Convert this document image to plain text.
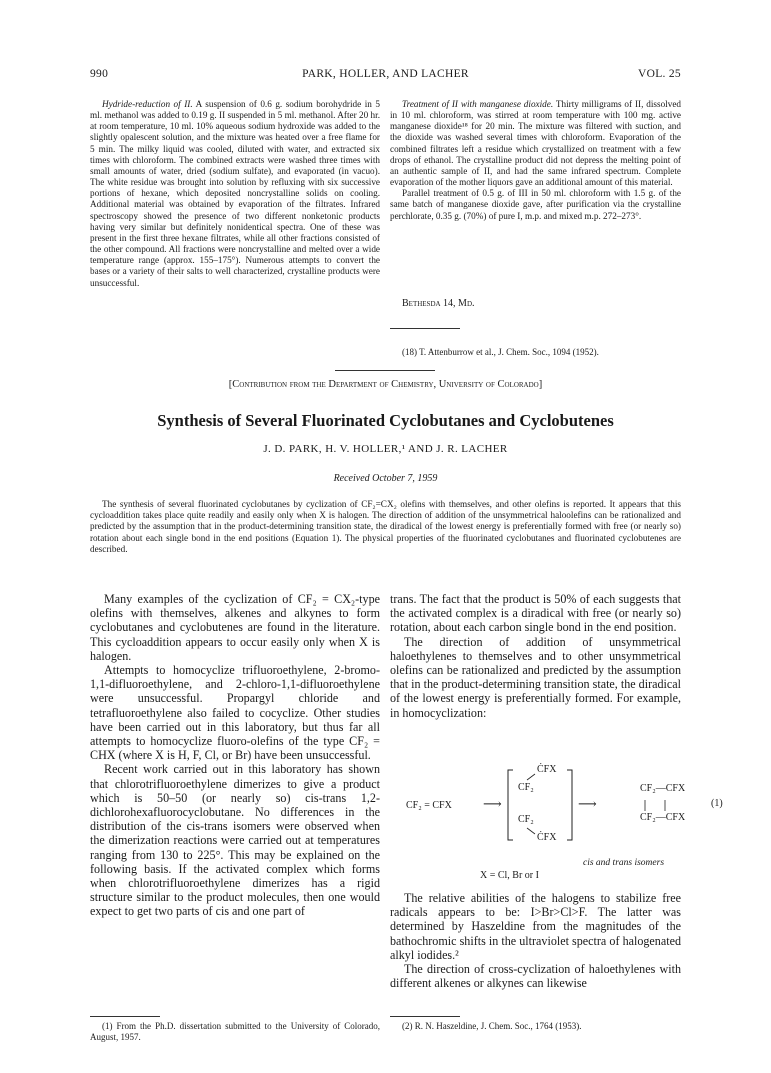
990	PARK, HOLLER, AND LACHER	VOL. 25

Hydride-reduction of II. A suspension of 0.6 g. sodium borohydride in 5 ml. methanol was added to 0.19 g. II suspended in 5 ml. methanol. After 20 hr. at room temperature, 10 ml. 10% aqueous sodium hydroxide was added to the slightly opalescent solution, and the mixture was heated over a free flame for 5 min. The milky liquid was cooled, diluted with water, and extracted six times with chloroform. The combined extracts were washed three times with small amounts of water, dried (sodium sulfate), and evaporated (in vacuo). The white residue was brought into solution by refluxing with six successive portions of hexane, which deposited noncrystalline solids on cooling. Additional material was obtained by evaporation of the filtrates. Infrared spectroscopy showed the presence of two different nonketonic products having very similar but definitely nonidentical spectra. One of these was present in the first three hexane filtrates, while all other fractions consisted of the other compound. All fractions were noncrystalline and melted over a wide temperature range (approx. 155–175°). Numerous attempts to convert the bases or a variety of their salts to well characterized, crystalline products were unsuccessful.

Treatment of II with manganese dioxide. Thirty milligrams of II, dissolved in 10 ml. chloroform, was stirred at room temperature with 100 mg. active manganese dioxide¹⁸ for 20 min. The mixture was filtered with suction, and the dioxide was washed several times with chloroform. Evaporation of the combined filtrates left a residue which crystallized on treatment with a few drops of ethanol. The crystalline product did not depress the melting point of an authentic sample of II, and had the same infrared spectrum. Complete evaporation of the mother liquors gave an additional amount of this material.

Parallel treatment of 0.5 g. of III in 50 ml. chloroform with 1.5 g. of the same batch of manganese dioxide gave, after purification via the crystalline perchlorate, 0.35 g. (70%) of pure I, m.p. and mixed m.p. 272–273°.

Bethesda 14, Md.
(18) T. Attenburrow et al., J. Chem. Soc., 1094 (1952).
[Contribution from the Department of Chemistry, University of Colorado]
Synthesis of Several Fluorinated Cyclobutanes and Cyclobutenes
J. D. PARK, H. V. HOLLER,¹ AND J. R. LACHER
Received October 7, 1959
The synthesis of several fluorinated cyclobutanes by cyclization of CF₂=CX₂ olefins with themselves, and other olefins is reported. It appears that this cycloaddition takes place quite readily and easily only when X is halogen. The direction of addition of the unsymmetrical haloolefins can be rationalized and predicted by the assumption that in the product-determining transition state, the diradical of the lowest energy is preferentially formed with free (or nearly so) rotation about each single bond in the end positions (Equation 1). The physical properties of the fluorinated cyclobutanes and fluorinated cyclobutenes are described.

Many examples of the cyclization of CF₂ = CX₂-type olefins with themselves, alkenes and alkynes to form cyclobutanes and cyclobutenes are found in the literature. This cycloaddition appears to occur easily only when X is halogen.

Attempts to homocyclize trifluoroethylene, 2-bromo-1,1-difluoroethylene, and 2-chloro-1,1-difluoroethylene were unsuccessful. Propargyl chloride and tetrafluoroethylene also failed to cocyclize. Other studies have been carried out in this laboratory, but thus far all attempts to homocyclize fluoro-olefins of the type CF₂ = CHX (where X is H, F, Cl, or Br) have been unsuccessful.

Recent work carried out in this laboratory has shown that chlorotrifluoroethylene dimerizes to give a product which is 50–50 (or nearly so) cis-trans 1,2-dichlorohexafluorocyclobutane. No differences in the distribution of the cis-trans isomers were observed when the dimerization reactions were carried out at temperatures ranging from 130 to 225°. This may be explained on the following basis. If the activated complex which forms when chlorotrifluoroethylene dimerizes has a rigid structure similar to the product molecules, then one would expect to get two parts of cis and one part of

(1) From the Ph.D. dissertation submitted to the University of Colorado, August, 1957.

trans. The fact that the product is 50% of each suggests that the activated complex is a diradical with free (or nearly so) rotation, about each carbon single bond in the end position.

The direction of addition of unsymmetrical haloethylenes to themselves and to other unsymmetrical olefins can be rationalized and predicted by the assumption that in the product-determining transition state, the diradical of the lowest energy is preferentially formed. For example, in homocyclization:

CF₂ = CFX ⟶
ĊFX
CF₂
CF₂
ĊFX
⟶
CF₂—CFX
CF₂—CFX
(1)
cis and trans isomers
X = Cl, Br or I

The relative abilities of the halogens to stabilize free radicals appears to be: I>Br>Cl>F. The latter was determined by Haszeldine from the magnitudes of the bathochromic shifts in the ultraviolet spectra of halogenated alkyl iodides.²

The direction of cross-cyclization of haloethylenes with different alkenes or alkynes can likewise

(2) R. N. Haszeldine, J. Chem. Soc., 1764 (1953).
